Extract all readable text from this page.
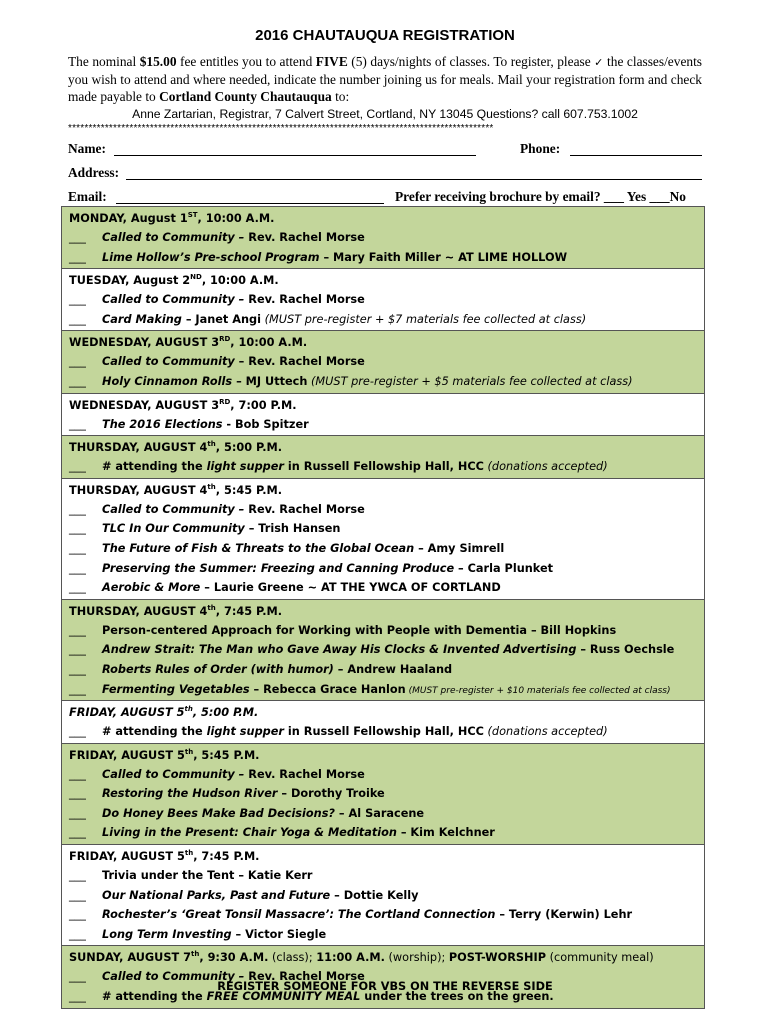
2016 CHAUTAUQUA REGISTRATION
The nominal $15.00 fee entitles you to attend FIVE (5) days/nights of classes. To register, please ✓ the classes/events you wish to attend and where needed, indicate the number joining us for meals. Mail your registration form and check made payable to Cortland County Chautauqua to:
Anne Zartarian, Registrar, 7 Calvert Street, Cortland, NY 13045 Questions? call 607.753.1002
********************************************************************************************************
Name:	Phone:
Address:
Email:	Prefer receiving brochure by email? ___ Yes ___No
MONDAY, August 1ST, 10:00 A.M.
___ Called to Community – Rev. Rachel Morse
___ Lime Hollow’s Pre-school Program – Mary Faith Miller ~ AT LIME HOLLOW
TUESDAY, August 2ND, 10:00 A.M.
___ Called to Community – Rev. Rachel Morse
___ Card Making – Janet Angi (MUST pre-register + $7 materials fee collected at class)
WEDNESDAY, AUGUST 3RD, 10:00 A.M.
___ Called to Community – Rev. Rachel Morse
___ Holy Cinnamon Rolls – MJ Uttech (MUST pre-register + $5 materials fee collected at class)
WEDNESDAY, AUGUST 3RD, 7:00 P.M.
___ The 2016 Elections - Bob Spitzer
THURSDAY, AUGUST 4th, 5:00 P.M.
___ # attending the light supper in Russell Fellowship Hall, HCC (donations accepted)
THURSDAY, AUGUST 4th, 5:45 P.M.
___ Called to Community – Rev. Rachel Morse
___ TLC In Our Community – Trish Hansen
___ The Future of Fish & Threats to the Global Ocean – Amy Simrell
___ Preserving the Summer: Freezing and Canning Produce – Carla Plunket
___ Aerobic & More – Laurie Greene ~ AT THE YWCA OF CORTLAND
THURSDAY, AUGUST 4th, 7:45 P.M.
___ Person-centered Approach for Working with People with Dementia – Bill Hopkins
___ Andrew Strait: The Man who Gave Away His Clocks & Invented Advertising – Russ Oechsle
___ Roberts Rules of Order (with humor) – Andrew Haaland
___ Fermenting Vegetables – Rebecca Grace Hanlon (MUST pre-register + $10 materials fee collected at class)
FRIDAY, AUGUST 5th, 5:00 P.M.
___ # attending the light supper in Russell Fellowship Hall, HCC (donations accepted)
FRIDAY, AUGUST 5th, 5:45 P.M.
___ Called to Community – Rev. Rachel Morse
___ Restoring the Hudson River – Dorothy Troike
___ Do Honey Bees Make Bad Decisions? – Al Saracene
___ Living in the Present: Chair Yoga & Meditation – Kim Kelchner
FRIDAY, AUGUST 5th, 7:45 P.M.
___ Trivia under the Tent – Katie Kerr
___ Our National Parks, Past and Future – Dottie Kelly
___ Rochester’s ‘Great Tonsil Massacre’: The Cortland Connection – Terry (Kerwin) Lehr
___ Long Term Investing – Victor Siegle
SUNDAY, AUGUST 7th, 9:30 A.M. (class); 11:00 A.M. (worship); POST-WORSHIP (community meal)
___ Called to Community – Rev. Rachel Morse
___ # attending the FREE COMMUNITY MEAL under the trees on the green.
REGISTER SOMEONE FOR VBS ON THE REVERSE SIDE
